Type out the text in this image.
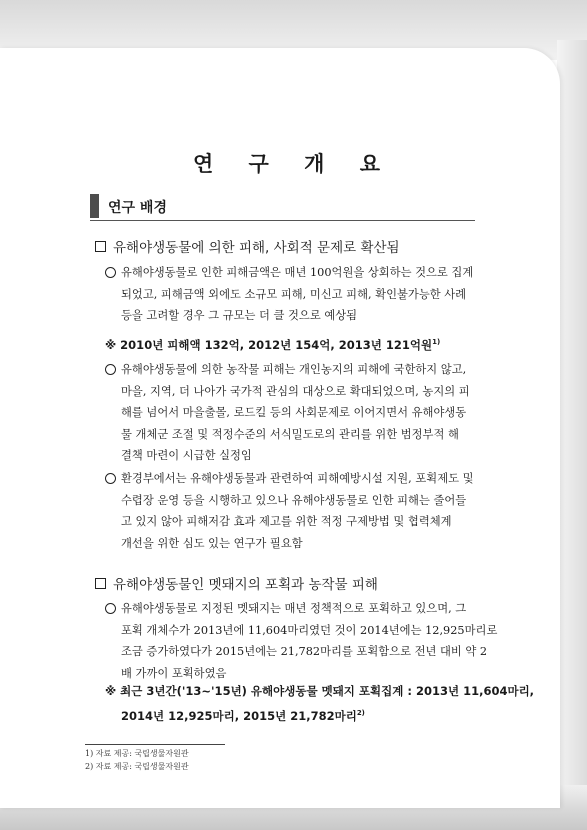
연 구 개 요
연구 배경
유해야생동물에 의한 피해, 사회적 문제로 확산됨
유해야생동물로 인한 피해금액은 매년 100억원을 상회하는 것으로 집계
되었고, 피해금액 외에도 소규모 피해, 미신고 피해, 확인불가능한 사례
등을 고려할 경우 그 규모는 더 클 것으로 예상됨
※ 2010년 피해액 132억, 2012년 154억, 2013년 121억원$^{1)}$
유해야생동물에 의한 농작물 피해는 개인농지의 피해에 국한하지 않고,
마을, 지역, 더 나아가 국가적 관심의 대상으로 확대되었으며, 농지의 피
해를 넘어서 마을출몰, 로드킬 등의 사회문제로 이어지면서 유해야생동
물 개체군 조절 및 적정수준의 서식밀도로의 관리를 위한 범정부적 해
결책 마련이 시급한 실정임
환경부에서는 유해야생동물과 관련하여 피해예방시설 지원, 포획제도 및
수렵장 운영 등을 시행하고 있으나 유해야생동물로 인한 피해는 줄어들
고 있지 않아 피해저감 효과 제고를 위한 적정 구제방법 및 협력체계
개선을 위한 심도 있는 연구가 필요함
유해야생동물인 멧돼지의 포획과 농작물 피해
유해야생동물로 지정된 멧돼지는 매년 정책적으로 포획하고 있으며, 그
포획 개체수가 2013년에 11,604마리였던 것이 2014년에는 12,925마리로
조금 증가하였다가 2015년에는 21,782마리를 포획함으로 전년 대비 약 2
배 가까이 포획하였음
※ 최근 3년간('13~'15년) 유해야생동물 멧돼지 포획집계 : 2013년 11,604마리,
2014년 12,925마리, 2015년 21,782마리$^{2)}$
1) 자료 제공: 국립생물자원관
2) 자료 제공: 국립생물자원관
